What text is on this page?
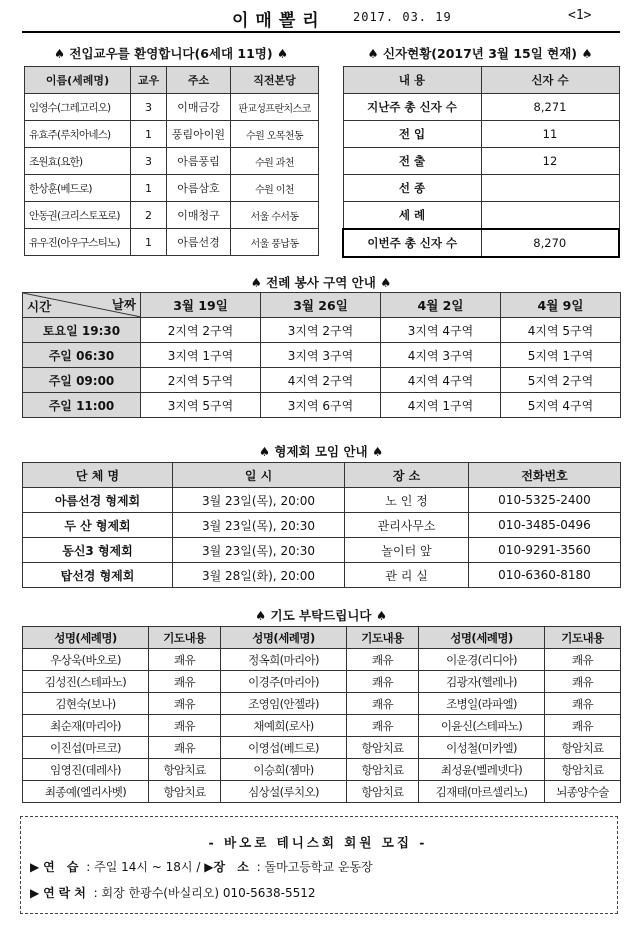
이매뽈리 2017. 03. 19	<1>
♠ 전입교우를 환영합니다(6세대 11명) ♠
이름(세례명)	교우	주소	직전본당
임영수(그레고리오)	3	이매금강	판교성프란치스코
유효주(루치아네스)	1	풍림아이원	수원 오목천동
조원효(요한)	3	아름풍림	수원 과천
한상훈(베드로)	1	아름삼호	수원 이천
안동권(크리스토포로)	2	이매청구	서울 수서동
유우진(아우구스티노)	1	아름선경	서울 풍납동
♠ 신자현황(2017년 3월 15일 현재) ♠
내 용	신자 수
지난주 총 신자 수	8,271
전 입	11
전 출	12
선 종	
세 례	
이번주 총 신자 수	8,270
♠ 전례 봉사 구역 안내 ♠
시간 날짜	3월 19일	3월 26일	4월 2일	4월 9일
토요일 19:30	2지역 2구역	3지역 2구역	3지역 4구역	4지역 5구역
주일 06:30	3지역 1구역	3지역 3구역	4지역 3구역	5지역 1구역
주일 09:00	2지역 5구역	4지역 2구역	4지역 4구역	5지역 2구역
주일 11:00	3지역 5구역	3지역 6구역	4지역 1구역	5지역 4구역
♠ 형제회 모임 안내 ♠
단 체 명	일 시	장 소	전화번호
아름선경 형제회	3월 23일(목), 20:00	노 인 정	010-5325-2400
두 산 형제회	3월 23일(목), 20:30	관리사무소	010-3485-0496
동신3 형제회	3월 23일(목), 20:30	놀이터 앞	010-9291-3560
탑선경 형제회	3월 28일(화), 20:00	관 리 실	010-6360-8180
♠ 기도 부탁드립니다 ♠
성명(세례명)	기도내용	성명(세례명)	기도내용	성명(세례명)	기도내용
우상욱(바오로)	쾌유	정옥희(마리아)	쾌유	이운경(리디아)	쾌유
김성진(스테파노)	쾌유	이경주(마리아)	쾌유	김광자(헬레나)	쾌유
김현숙(보나)	쾌유	조영임(안젤라)	쾌유	조병일(라파엘)	쾌유
최순재(마리아)	쾌유	채예희(로사)	쾌유	이윤신(스테파노)	쾌유
이진섭(마르코)	쾌유	이영섭(베드로)	항암치료	이성철(미카엘)	항암치료
임영진(데레사)	항암치료	이승희(젬마)	항암치료	최성윤(벨레넷다)	항암치료
최종예(엘리사벳)	항암치료	심상설(루치오)	항암치료	김재태(마르셀리노)	뇌종양수술
- 바오로 테니스회 회원 모집 -
▶ 연 습 : 주일 14시 ~ 18시 / ▶장 소 : 돌마고등학교 운동장
▶ 연락처 : 회장 한광수(바실리오) 010-5638-5512
